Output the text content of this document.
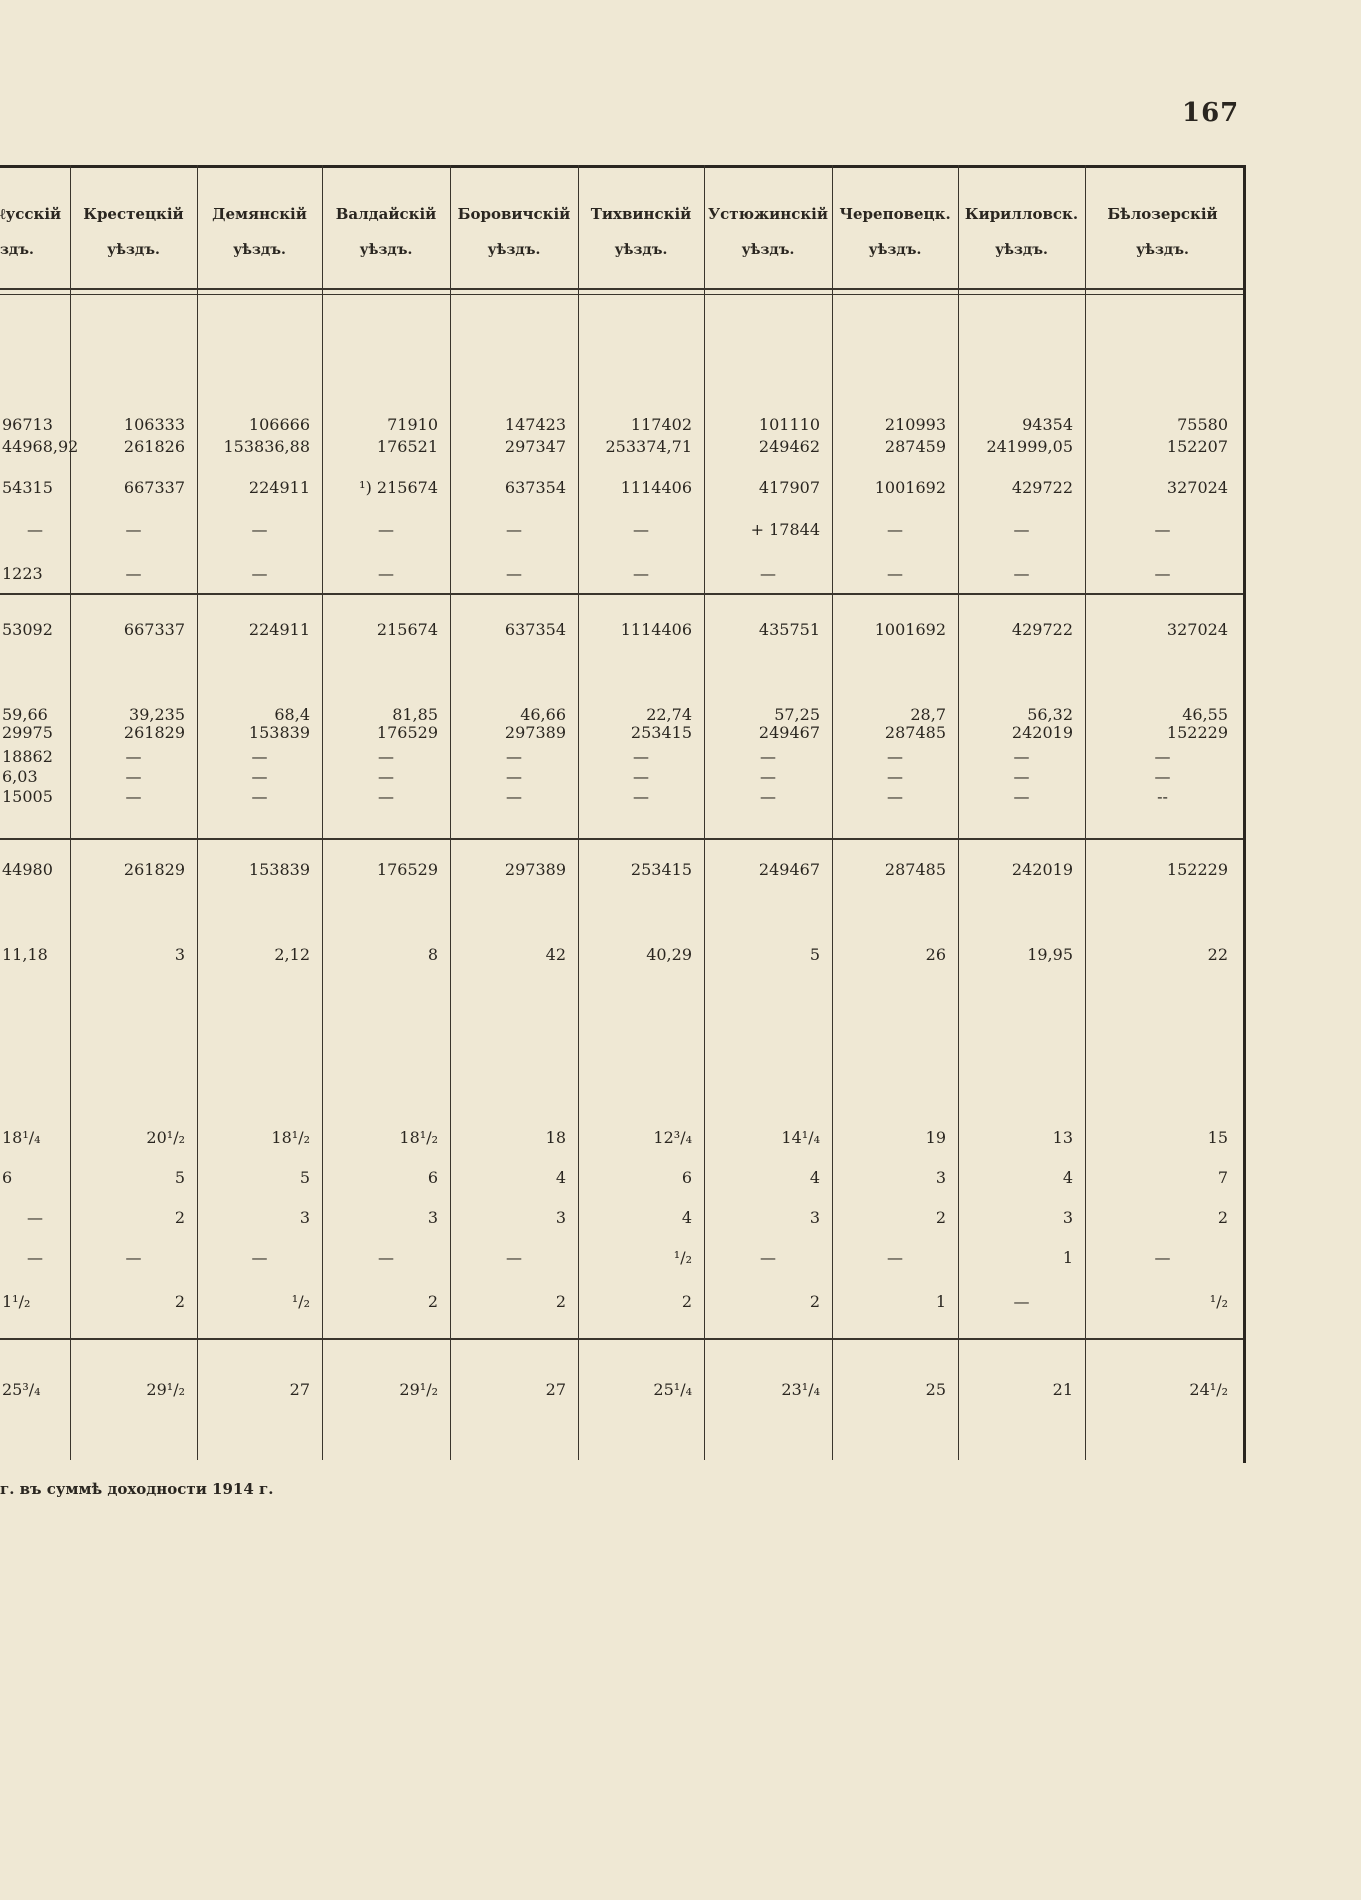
167
ℓусскій
здъ.
Крестецкій
уѣздъ.
Демянскій
уѣздъ.
Валдайскій
уѣздъ.
Боровичскій
уѣздъ.
Тихвинскій
уѣздъ.
Устюжинскій
уѣздъ.
Череповецк.
уѣздъ.
Кирилловск.
уѣздъ.
Бѣлозерскій
уѣздъ.
96713	106333	106666	71910	147423	117402	101110	210993	94354	75580
44968,92	261826	153836,88	176521	297347	253374,71	249462	287459	241999,05	152207
54315	667337	224911	¹) 215674	637354	1114406	417907	1001692	429722	327024
—	—	—	—	—	—	+ 17844	—	—	—
1223	—	—	—	—	—	—	—	—	—
53092	667337	224911	215674	637354	1114406	435751	1001692	429722	327024
59,66	39,235	68,4	81,85	46,66	22,74	57,25	28,7	56,32	46,55
29975	261829	153839	176529	297389	253415	249467	287485	242019	152229
18862	—	—	—	—	—	—	—	—	—
6,03	—	—	—	—	—	—	—	—	—
15005	—	—	—	—	—	—	—	—	--
44980	261829	153839	176529	297389	253415	249467	287485	242019	152229
11,18	3	2,12	8	42	40,29	5	26	19,95	22
18¹/₄	20¹/₂	18¹/₂	18¹/₂	18	12³/₄	14¹/₄	19	13	15
6	5	5	6	4	6	4	3	4	7
—	2	3	3	3	4	3	2	3	2
—	—	—	—	—	¹/₂	—	—	1	—
1¹/₂	2	¹/₂	2	2	2	2	1	—	¹/₂
25³/₄	29¹/₂	27	29¹/₂	27	25¹/₄	23¹/₄	25	21	24¹/₂
г. въ суммѣ доходности 1914 г.
